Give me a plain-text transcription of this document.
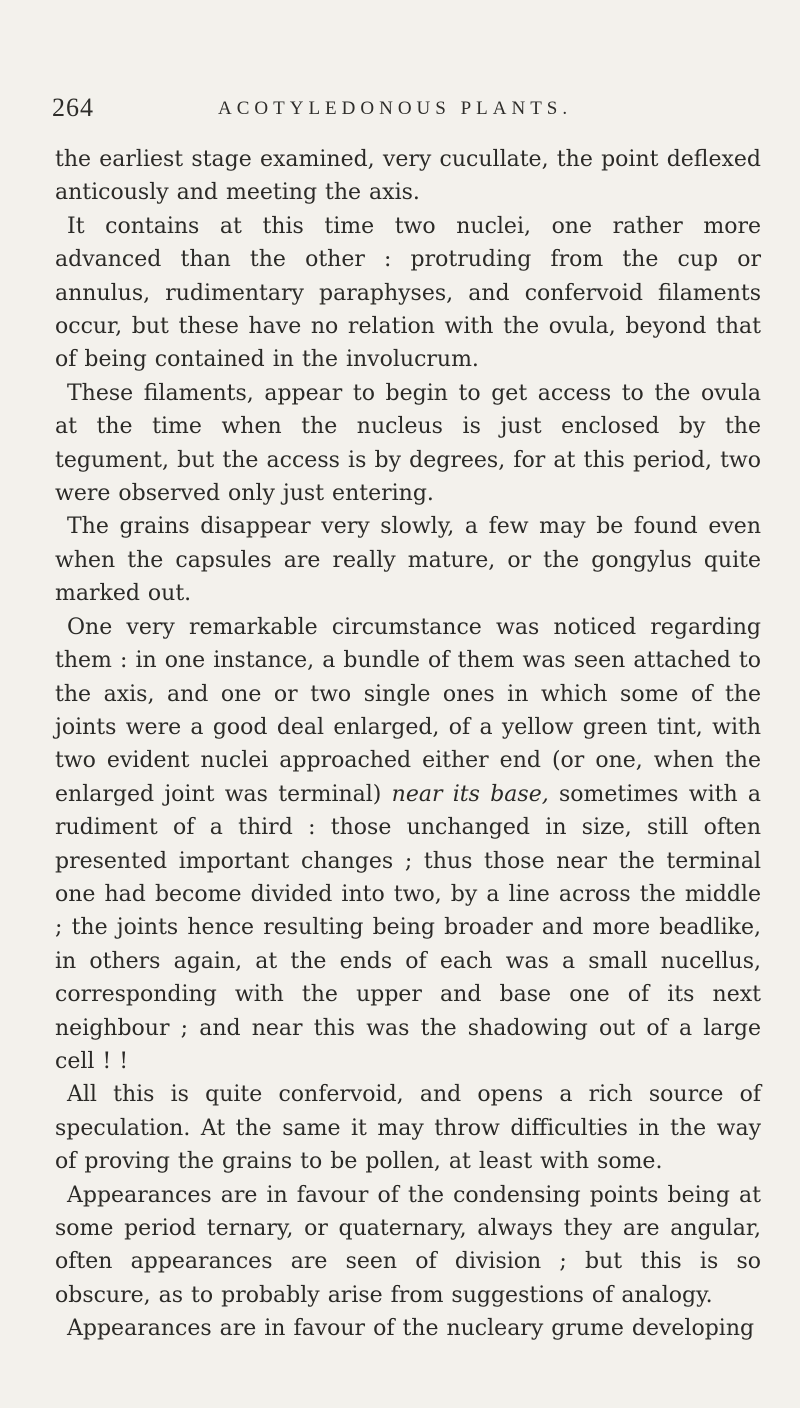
264	ACOTYLEDONOUS PLANTS.

the earliest stage examined, very cucullate, the point deflexed anticously and meeting the axis.

It contains at this time two nuclei, one rather more advanced than the other : protruding from the cup or annulus, rudimentary paraphyses, and confervoid filaments occur, but these have no relation with the ovula, beyond that of being contained in the involucrum.

These filaments, appear to begin to get access to the ovula at the time when the nucleus is just enclosed by the tegument, but the access is by degrees, for at this period, two were observed only just entering.

The grains disappear very slowly, a few may be found even when the capsules are really mature, or the gongylus quite marked out.

One very remarkable circumstance was noticed regarding them : in one instance, a bundle of them was seen attached to the axis, and one or two single ones in which some of the joints were a good deal enlarged, of a yellow green tint, with two evident nuclei approached either end (or one, when the enlarged joint was terminal) near its base, sometimes with a rudiment of a third : those unchanged in size, still often presented important changes ; thus those near the terminal one had become divided into two, by a line across the middle ; the joints hence resulting being broader and more beadlike, in others again, at the ends of each was a small nucellus, corresponding with the upper and base one of its next neighbour ; and near this was the shadowing out of a large cell ! !

All this is quite confervoid, and opens a rich source of speculation. At the same it may throw difficulties in the way of proving the grains to be pollen, at least with some.

Appearances are in favour of the condensing points being at some period ternary, or quaternary, always they are angular, often appearances are seen of division ; but this is so obscure, as to probably arise from suggestions of analogy.

Appearances are in favour of the nucleary grume developing
